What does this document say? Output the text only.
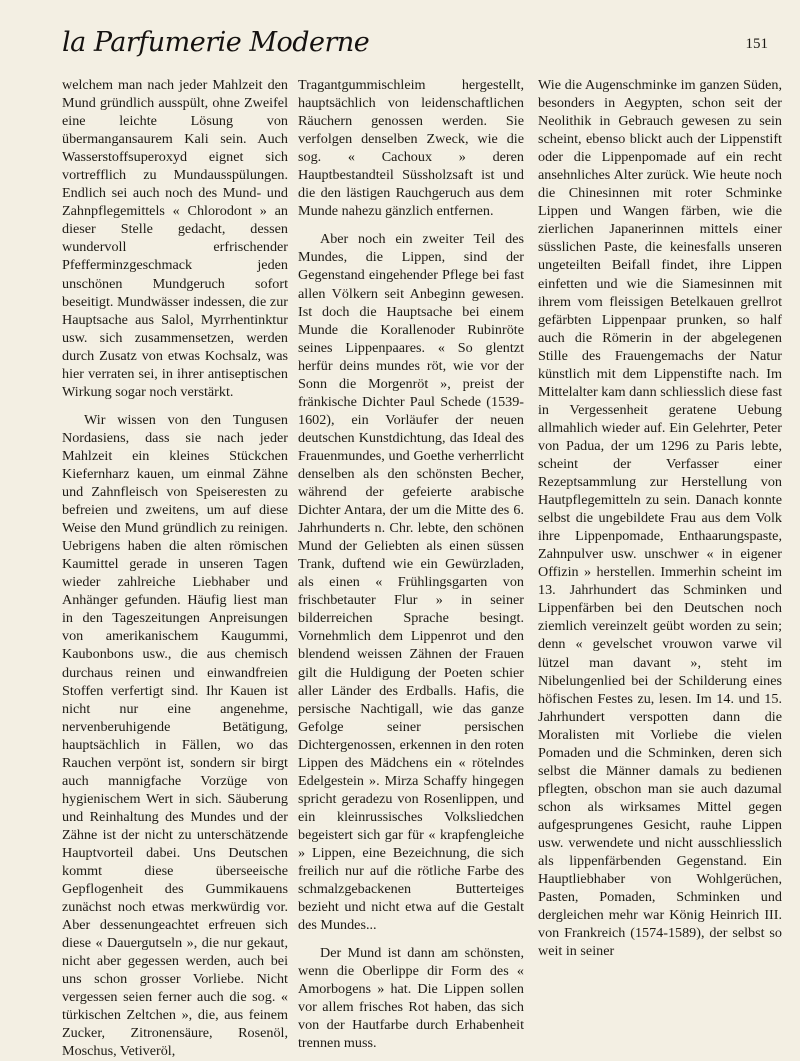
la Parfumerie Moderne	151

welchem man nach jeder Mahlzeit den Mund gründlich ausspült, ohne Zweifel eine leichte Lösung von übermangansaurem Kali sein. Auch Wasserstoffsuperoxyd eignet sich vortrefflich zu Mundausspülungen. Endlich sei auch noch des Mund- und Zahnpflegemittels « Chlorodont » an dieser Stelle gedacht, dessen wundervoll erfrischender Pfefferminzgeschmack jeden unschönen Mundgeruch sofort beseitigt. Mundwässer indessen, die zur Hauptsache aus Salol, Myrrhentinktur usw. sich zusammensetzen, werden durch Zusatz von etwas Kochsalz, was hier verraten sei, in ihrer antiseptischen Wirkung sogar noch verstärkt.

Wir wissen von den Tungusen Nordasiens, dass sie nach jeder Mahlzeit ein kleines Stückchen Kiefernharz kauen, um einmal Zähne und Zahnfleisch von Speiseresten zu befreien und zweitens, um auf diese Weise den Mund gründlich zu reinigen. Uebrigens haben die alten römischen Kaumittel gerade in unseren Tagen wieder zahlreiche Liebhaber und Anhänger gefunden. Häufig liest man in den Tageszeitungen Anpreisungen von amerikanischem Kaugummi, Kaubonbons usw., die aus chemisch durchaus reinen und einwandfreien Stoffen verfertigt sind. Ihr Kauen ist nicht nur eine angenehme, nervenberuhigende Betätigung, hauptsächlich in Fällen, wo das Rauchen verpönt ist, sondern sir birgt auch mannigfache Vorzüge von hygienischem Wert in sich. Säuberung und Reinhaltung des Mundes und der Zähne ist der nicht zu unterschätzende Hauptvorteil dabei. Uns Deutschen kommt diese überseeische Gepflogenheit des Gummikauens zunächst noch etwas merkwürdig vor. Aber dessenungeachtet erfreuen sich diese « Dauergutseln », die nur gekaut, nicht aber gegessen werden, auch bei uns schon grosser Vorliebe. Nicht vergessen seien ferner auch die sog. « türkischen Zeltchen », die, aus feinem Zucker, Zitronensäure, Rosenöl, Moschus, Vetiveröl,

Tragantgummischleim hergestellt, hauptsächlich von leidenschaftlichen Räuchern genossen werden. Sie verfolgen denselben Zweck, wie die sog. « Cachoux » deren Hauptbestandteil Süssholzsaft ist und die den lästigen Rauchgeruch aus dem Munde nahezu gänzlich entfernen.

Aber noch ein zweiter Teil des Mundes, die Lippen, sind der Gegenstand eingehender Pflege bei fast allen Völkern seit Anbeginn gewesen. Ist doch die Hauptsache bei einem Munde die Korallenoder Rubinröte seines Lippenpaares. « So glentzt herfür deins mundes röt, wie vor der Sonn die Morgenröt », preist der fränkische Dichter Paul Schede (1539-1602), ein Vorläufer der neuen deutschen Kunstdichtung, das Ideal des Frauenmundes, und Goethe verherrlicht denselben als den schönsten Becher, während der gefeierte arabische Dichter Antara, der um die Mitte des 6. Jahrhunderts n. Chr. lebte, den schönen Mund der Geliebten als einen süssen Trank, duftend wie ein Gewürzladen, als einen « Frühlingsgarten von frischbetauter Flur » in seiner bilderreichen Sprache besingt. Vornehmlich dem Lippenrot und den blendend weissen Zähnen der Frauen gilt die Huldigung der Poeten schier aller Länder des Erdballs. Hafis, die persische Nachtigall, wie das ganze Gefolge seiner persischen Dichtergenossen, erkennen in den roten Lippen des Mädchens ein « rötelndes Edelgestein ». Mirza Schaffy hingegen spricht geradezu von Rosenlippen, und ein kleinrussisches Volksliedchen begeistert sich gar für « krapfengleiche » Lippen, eine Bezeichnung, die sich freilich nur auf die rötliche Farbe des schmalzgebackenen Butterteiges bezieht und nicht etwa auf die Gestalt des Mundes...

Der Mund ist dann am schönsten, wenn die Oberlippe dir Form des « Amorbogens » hat. Die Lippen sollen vor allem frisches Rot haben, das sich von der Hautfarbe durch Erhabenheit trennen muss.

Wie die Augenschminke im ganzen Süden, besonders in Aegypten, schon seit der Neolithik in Gebrauch gewesen zu sein scheint, ebenso blickt auch der Lippenstift oder die Lippenpomade auf ein recht ansehnliches Alter zurück. Wie heute noch die Chinesinnen mit roter Schminke Lippen und Wangen färben, wie die zierlichen Japanerinnen mittels einer süsslichen Paste, die keinesfalls unseren ungeteilten Beifall findet, ihre Lippen einfetten und wie die Siamesinnen mit ihrem vom fleissigen Betelkauen grellrot gefärbten Lippenpaar prunken, so half auch die Römerin in der abgelegenen Stille des Frauengemachs der Natur künstlich mit dem Lippenstifte nach. Im Mittelalter kam dann schliesslich diese fast in Vergessenheit geratene Uebung allmahlich wieder auf. Ein Gelehrter, Peter von Padua, der um 1296 zu Paris lebte, scheint der Verfasser einer Rezeptsammlung zur Herstellung von Hautpflegemitteln zu sein. Danach konnte selbst die ungebildete Frau aus dem Volk ihre Lippenpomade, Enthaarungspaste, Zahnpulver usw. unschwer « in eigener Offizin » herstellen. Immerhin scheint im 13. Jahrhundert das Schminken und Lippenfärben bei den Deutschen noch ziemlich vereinzelt geübt worden zu sein; denn « gevelschet vrouwon varwe vil lützel man davant », steht im Nibelungenlied bei der Schilderung eines höfischen Festes zu, lesen. Im 14. und 15. Jahrhundert verspotten dann die Moralisten mit Vorliebe die vielen Pomaden und die Schminken, deren sich selbst die Männer damals zu bedienen pflegten, obschon man sie auch dazumal schon als wirksames Mittel gegen aufgesprungenes Gesicht, rauhe Lippen usw. verwendete und nicht ausschliesslich als lippenfärbenden Gegenstand. Ein Hauptliebhaber von Wohlgerüchen, Pasten, Pomaden, Schminken und dergleichen mehr war König Heinrich III. von Frankreich (1574-1589), der selbst so weit in seiner
